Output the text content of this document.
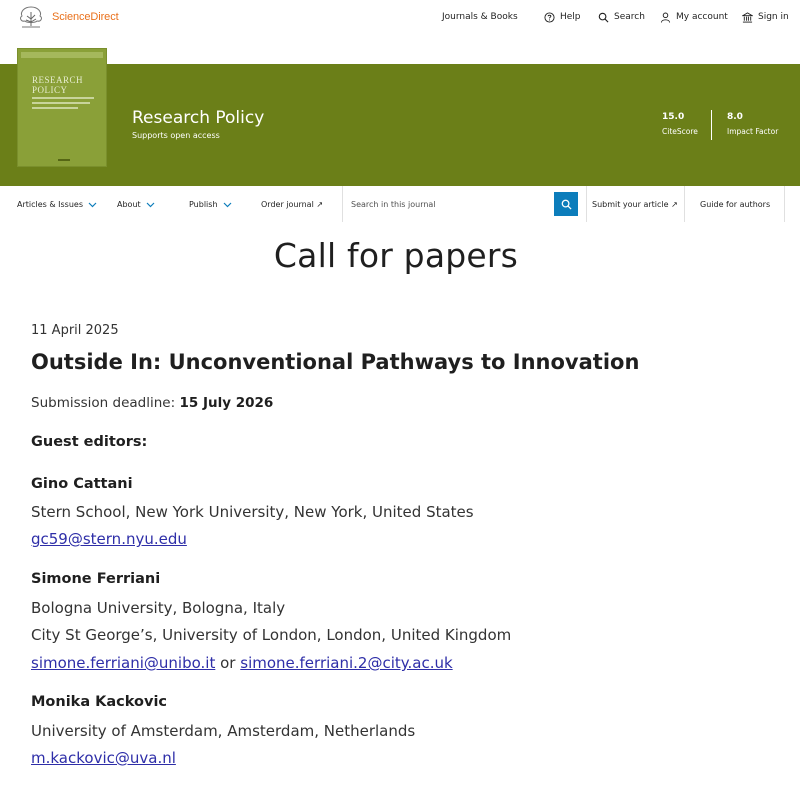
ScienceDirect	Journals & Books	Help	Search	My account	Sign in
RESEARCH
POLICY
Research Policy
Supports open access
15.0
CiteScore
8.0
Impact Factor
Articles & Issues	About	Publish	Order journal ↗
Search in this journal	Submit your article ↗	Guide for authors
Call for papers
11 April 2025
Outside In: Unconventional Pathways to Innovation
Submission deadline: 15 July 2026
Guest editors:
Gino Cattani
Stern School, New York University, New York, United States
gc59@stern.nyu.edu
Simone Ferriani
Bologna University, Bologna, Italy
City St George’s, University of London, London, United Kingdom
simone.ferriani@unibo.it or simone.ferriani.2@city.ac.uk
Monika Kackovic
University of Amsterdam, Amsterdam, Netherlands
m.kackovic@uva.nl
